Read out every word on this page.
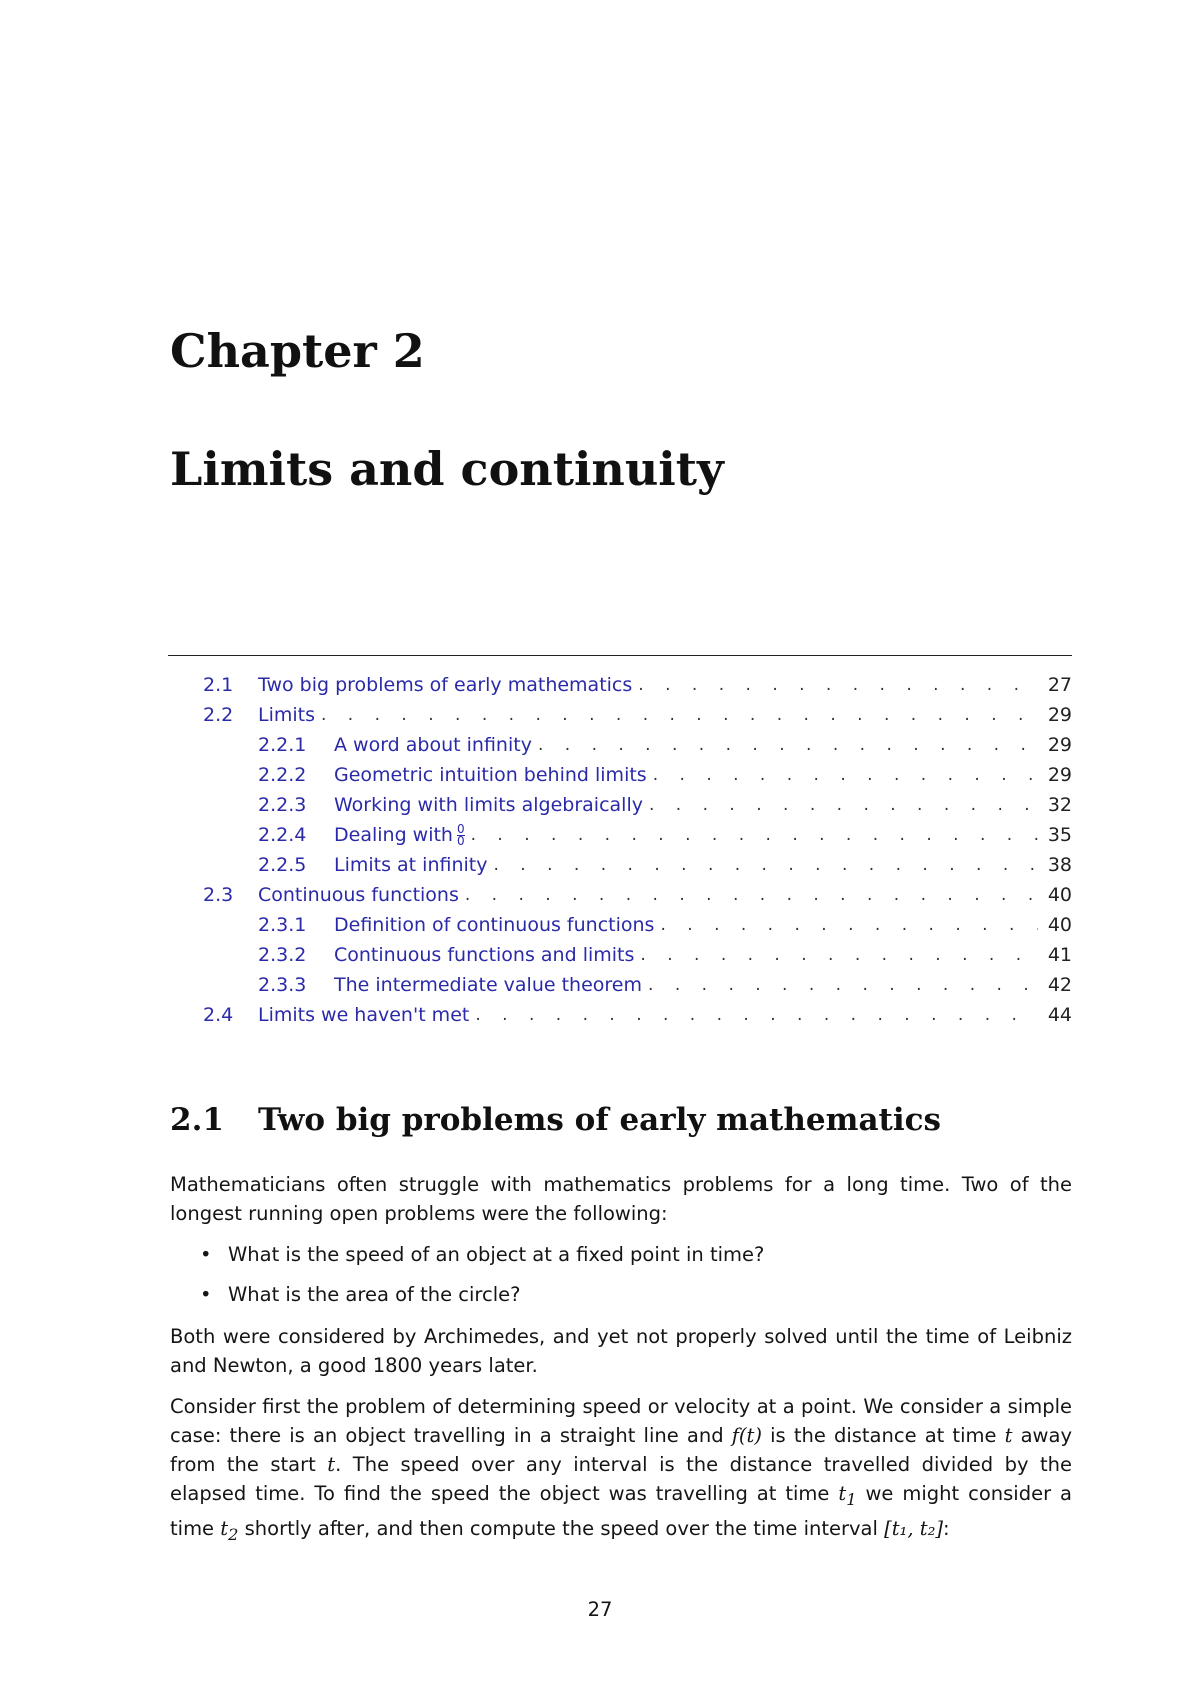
Chapter 2
Limits and continuity
2.1	Two big problems of early mathematics . . .	27
2.2	Limits . . .	29
2.2.1	A word about infinity . . .	29
2.2.2	Geometric intuition behind limits . . .	29
2.2.3	Working with limits algebraically . . .	32
2.2.4	Dealing with $\frac{0}{0}$ . . .	35
2.2.5	Limits at infinity . . .	38
2.3	Continuous functions . . .	40
2.3.1	Definition of continuous functions . . .	40
2.3.2	Continuous functions and limits . . .	41
2.3.3	The intermediate value theorem . . .	42
2.4	Limits we haven't met . . .	44
2.1 Two big problems of early mathematics

Mathematicians often struggle with mathematics problems for a long time. Two of the longest running open problems were the following:

• What is the speed of an object at a fixed point in time?
• What is the area of the circle?

Both were considered by Archimedes, and yet not properly solved until the time of Leibniz and Newton, a good 1800 years later.

Consider first the problem of determining speed or velocity at a point. We consider a simple case: there is an object travelling in a straight line and f(t) is the distance at time t away from the start t. The speed over any interval is the distance travelled divided by the elapsed time. To find the speed the object was travelling at time $t_1$ we might consider a time $t_2$ shortly after, and then compute the speed over the time interval [t₁, t₂]:

27
